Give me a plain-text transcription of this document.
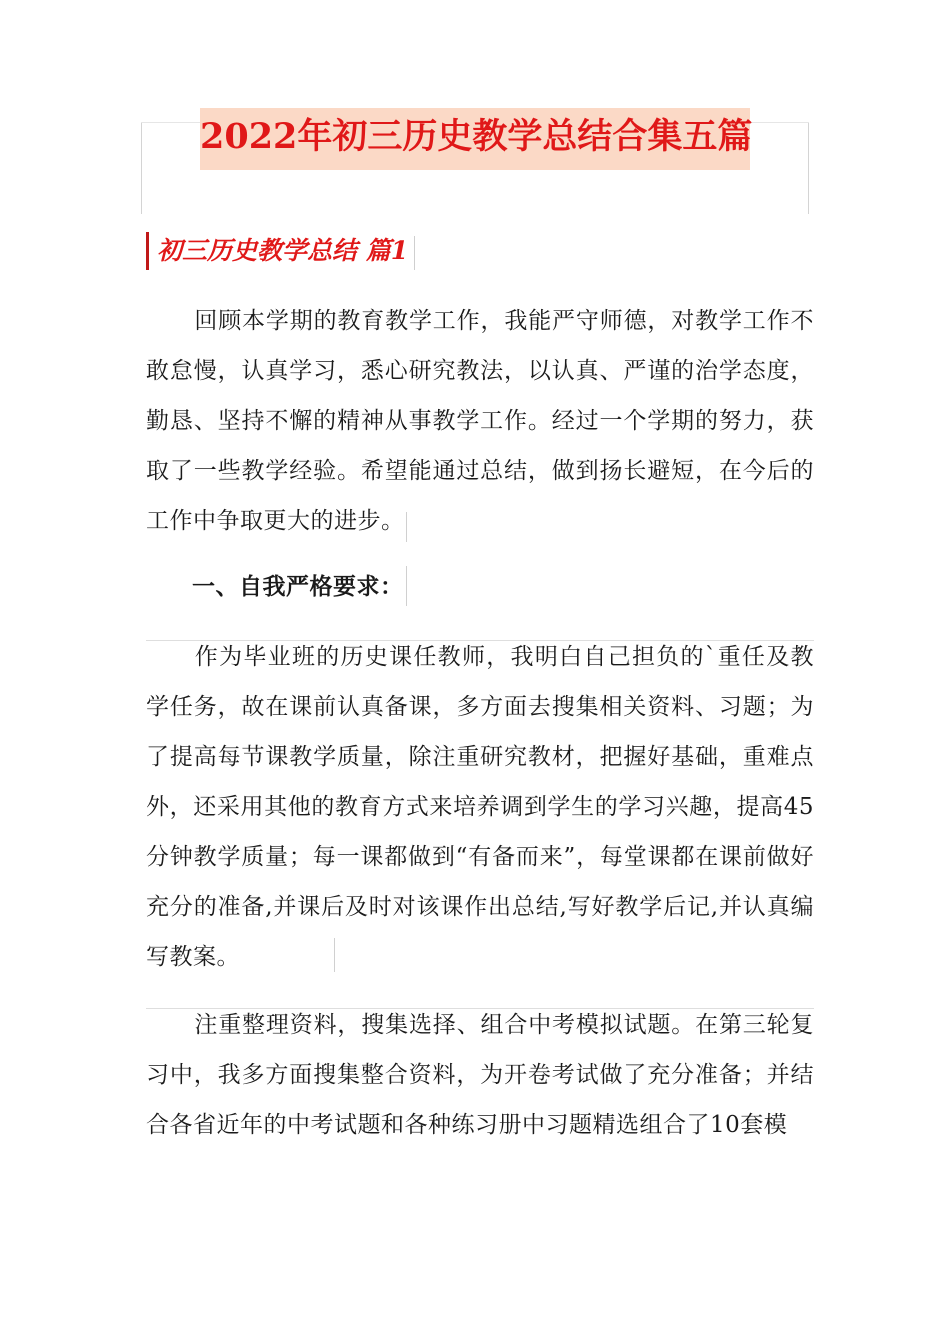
2022年初三历史教学总结合集五篇
初三历史教学总结 篇1
回顾本学期的教育教学工作，我能严守师德，对教学工作不敢怠慢，认真学习，悉心研究教法，以认真、严谨的治学态度，勤恳、坚持不懈的精神从事教学工作。经过一个学期的努力，获取了一些教学经验。希望能通过总结，做到扬长避短，在今后的工作中争取更大的进步。
一、自我严格要求：
作为毕业班的历史课任教师，我明白自己担负的`重任及教学任务，故在课前认真备课，多方面去搜集相关资料、习题；为了提高每节课教学质量，除注重研究教材，把握好基础，重难点外，还采用其他的教育方式来培养调到学生的学习兴趣，提高45分钟教学质量；每一课都做到“有备而来”，每堂课都在课前做好充分的准备,并课后及时对该课作出总结,写好教学后记,并认真编写教案。
注重整理资料，搜集选择、组合中考模拟试题。在第三轮复习中，我多方面搜集整合资料，为开卷考试做了充分准备；并结合各省近年的中考试题和各种练习册中习题精选组合了10套模
